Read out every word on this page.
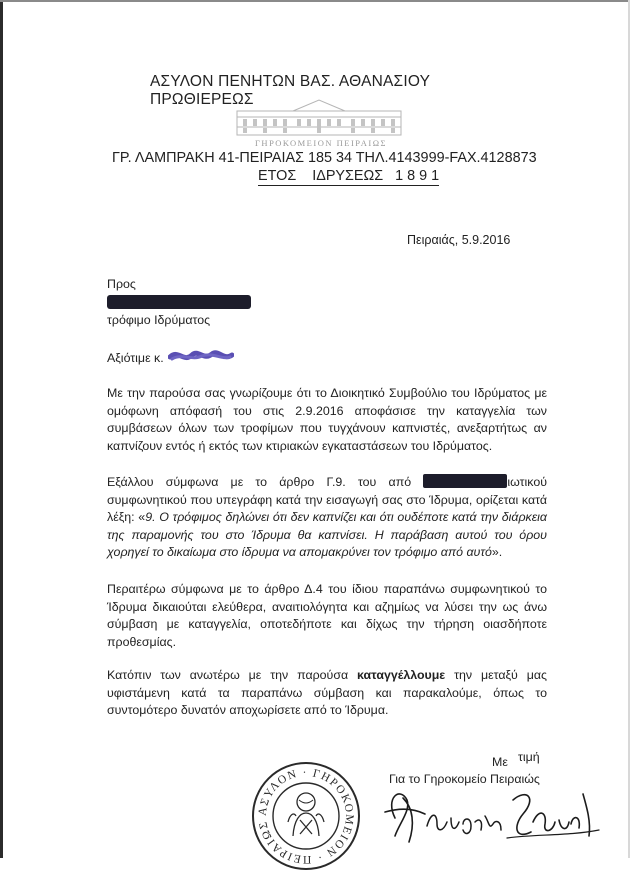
ΑΣΥΛΟΝ ΠΕΝΗΤΩΝ ΒΑΣ. ΑΘΑΝΑΣΙΟΥ ΠΡΩΘΙΕΡΕΩΣ
ΓΗΡΟΚΟΜΕΙΟΝ ΠΕΙΡΑΙΩΣ
ΓΡ. ΛΑΜΠΡΑΚΗ 41-ΠΕΙΡΑΙΑΣ 185 34 ΤΗΛ.4143999-FAX.4128873
ΕΤΟΣ    ΙΔΡΥΣΕΩΣ   1 8 9 1
Πειραιάς, 5.9.2016
Προς
τρόφιμο Ιδρύματος
Αξιότιμε κ.
Με την παρούσα σας γνωρίζουμε ότι το Διοικητικό Συμβούλιο του Ιδρύματος με ομόφωνη απόφασή του στις 2.9.2016 αποφάσισε την καταγγελία των συμβάσεων όλων των τροφίμων που τυγχάνουν καπνιστές, ανεξαρτήτως αν καπνίζουν εντός ή εκτός των κτιριακών εγκαταστάσεων του Ιδρύματος.
Εξάλλου σύμφωνα με το άρθρο Γ.9. του από	ιωτικού συμφωνητικού που υπεγράφη κατά την εισαγωγή σας στο Ίδρυμα, ορίζεται κατά λέξη: «9. Ο τρόφιμος δηλώνει ότι δεν καπνίζει και ότι ουδέποτε κατά την διάρκεια της παραμονής του στο Ίδρυμα θα καπνίσει. Η παράβαση αυτού του όρου χορηγεί το δικαίωμα στο ίδρυμα να απομακρύνει τον τρόφιμο από αυτό».
Περαιτέρω σύμφωνα με το άρθρο Δ.4 του ίδιου παραπάνω συμφωνητικού το Ίδρυμα δικαιούται ελεύθερα, αναιτιολόγητα και αζημίως να λύσει την ως άνω σύμβαση με καταγγελία, οποτεδήποτε και δίχως την τήρηση οιασδήποτε προθεσμίας.
Κατόπιν των ανωτέρω με την παρούσα καταγγέλλουμε την μεταξύ μας υφιστάμενη κατά τα παραπάνω σύμβαση και παρακαλούμε, όπως το συντομότερο δυνατόν αποχωρίσετε από το Ίδρυμα.
Με τιμή
Για το Γηροκομείο Πειραιώς
ΑΣΥΛΟΝ · ΓΗΡΟΚΟΜΕΙΟΝ · ΠΕΙΡΑΙΩΣ
